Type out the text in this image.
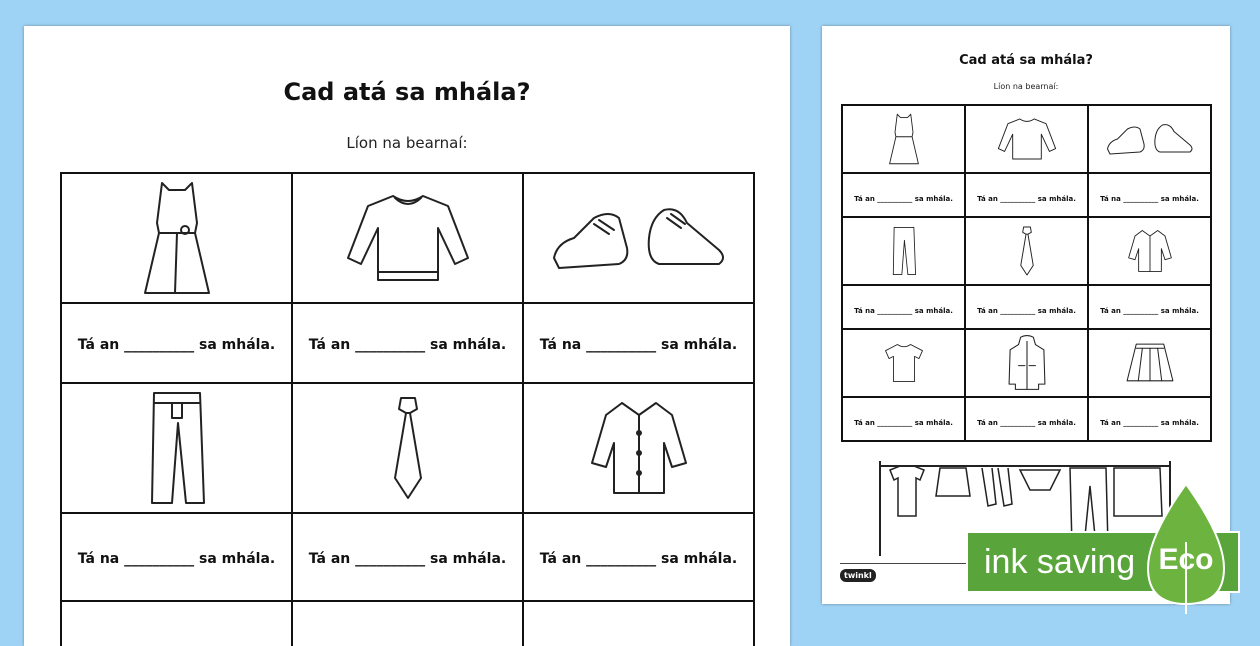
Cad atá sa mhála?
Líon na bearnaí:

Tá an __________ sa mhála.	Tá an __________ sa mhála.	Tá na __________ sa mhála.

Tá na __________ sa mhála.	Tá an __________ sa mhála.	Tá an __________ sa mhála.

Cad atá sa mhála?
Líon na bearnaí:

Tá an __________ sa mhála.	Tá an __________ sa mhála.	Tá na __________ sa mhála.

Tá na __________ sa mhála.	Tá an __________ sa mhála.	Tá an __________ sa mhála.

Tá an __________ sa mhála.	Tá an __________ sa mhála.	Tá an __________ sa mhála.
twinkl	ink saving Eco
